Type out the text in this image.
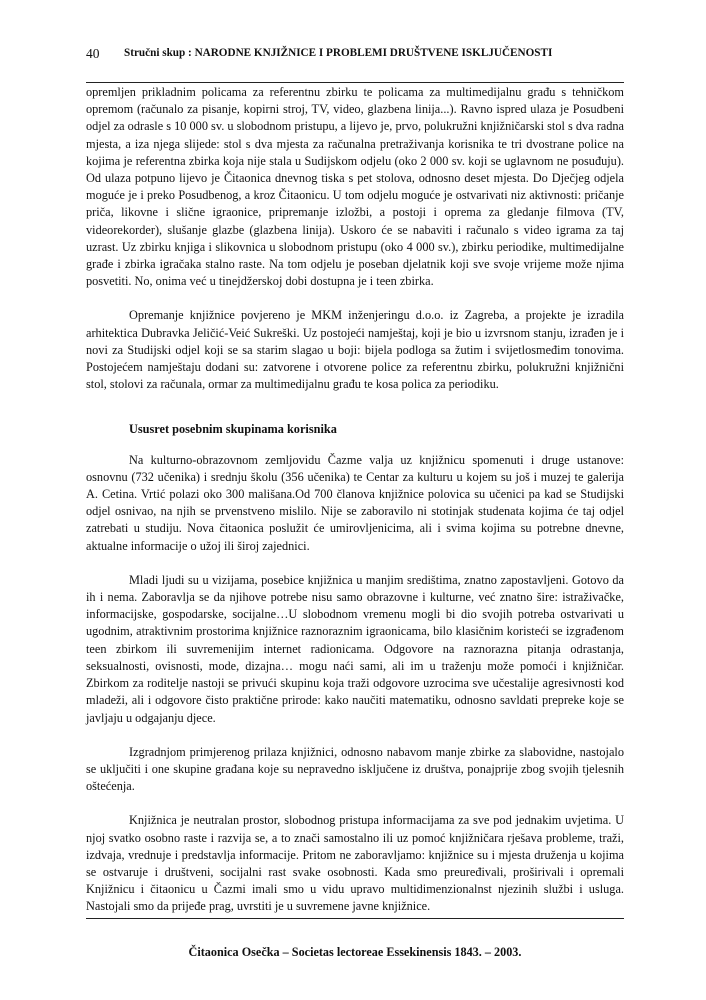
40 Stručni skup : NARODNE KNJIŽNICE I PROBLEMI DRUŠTVENE ISKLJUČENOSTI

opremljen prikladnim policama za referentnu zbirku te policama za multimedijalnu građu s tehničkom opremom (računalo za pisanje, kopirni stroj, TV, video, glazbena linija...). Ravno ispred ulaza je Posudbeni odjel za odrasle s 10 000 sv. u slobodnom pristupu, a lijevo je, prvo, polukružni knjižničarski stol s dva radna mjesta, a iza njega slijede: stol s dva mjesta za računalna pretraživanja korisnika te tri dvostrane police na kojima je referentna zbirka koja nije stala u Sudijskom odjelu (oko 2 000 sv. koji se uglavnom ne posuđuju). Od ulaza potpuno lijevo je Čitaonica dnevnog tiska s pet stolova, odnosno deset mjesta. Do Dječjeg odjela moguće je i preko Posudbenog, a kroz Čitaonicu. U tom odjelu moguće je ostvarivati niz aktivnosti: pričanje priča, likovne i slične igraonice, pripremanje izložbi, a postoji i oprema za gledanje filmova (TV, videorekorder), slušanje glazbe (glazbena linija). Uskoro će se nabaviti i računalo s video igrama za taj uzrast. Uz zbirku knjiga i slikovnica u slobodnom pristupu (oko 4 000 sv.), zbirku periodike, multimedijalne građe i zbirka igračaka stalno raste. Na tom odjelu je poseban djelatnik koji sve svoje vrijeme može njima posvetiti. No, onima već u tinejdžerskoj dobi dostupna je i teen zbirka.

Opremanje knjižnice povjereno je MKM inženjeringu d.o.o. iz Zagreba, a projekte je izradila arhitektica Dubravka Jeličić-Veić Sukreški. Uz postojeći namještaj, koji je bio u izvrsnom stanju, izrađen je i novi za Studijski odjel koji se sa starim slagao u boji: bijela podloga sa žutim i svijetlosmeđim tonovima. Postojećem namještaju dodani su: zatvorene i otvorene police za referentnu zbirku, polukružni knjižnični stol, stolovi za računala, ormar za multimedijalnu građu te kosa polica za periodiku.

Ususret posebnim skupinama korisnika

Na kulturno-obrazovnom zemljovidu Čazme valja uz knjižnicu spomenuti i druge ustanove: osnovnu (732 učenika) i srednju školu (356 učenika) te Centar za kulturu u kojem su još i muzej te galerija A. Cetina. Vrtić polazi oko 300 mališana.Od 700 članova knjižnice polovica su učenici pa kad se Studijski odjel osnivao, na njih se prvenstveno mislilo. Nije se zaboravilo ni stotinjak studenata kojima će taj odjel zatrebati u studiju. Nova čitaonica poslužit će umirovljenicima, ali i svima kojima su potrebne dnevne, aktualne informacije o užoj ili široj zajednici.

Mladi ljudi su u vizijama, posebice knjižnica u manjim središtima, znatno zapostavljeni. Gotovo da ih i nema. Zaboravlja se da njihove potrebe nisu samo obrazovne i kulturne, već znatno šire: istraživačke, informacijske, gospodarske, socijalne…U slobodnom vremenu mogli bi dio svojih potreba ostvarivati u ugodnim, atraktivnim prostorima knjižnice raznoraznim igraonicama, bilo klasičnim koristeći se izgrađenom teen zbirkom ili suvremenijim internet radionicama. Odgovore na raznorazna pitanja odrastanja, seksualnosti, ovisnosti, mode, dizajna… mogu naći sami, ali im u traženju može pomoći i knjižničar. Zbirkom za roditelje nastoji se privući skupinu koja traži odgovore uzrocima sve učestalije agresivnosti kod mladeži, ali i odgovore čisto praktične prirode: kako naučiti matematiku, odnosno savldati prepreke koje se javljaju u odgajanju djece.

Izgradnjom primjerenog prilaza knjižnici, odnosno nabavom manje zbirke za slabovidne, nastojalo se uključiti i one skupine građana koje su nepravedno isključene iz društva, ponajprije zbog svojih tjelesnih oštećenja.

Knjižnica je neutralan prostor, slobodnog pristupa informacijama za sve pod jednakim uvjetima. U njoj svatko osobno raste i razvija se, a to znači samostalno ili uz pomoć knjižničara rješava probleme, traži, izdvaja, vrednuje i predstavlja informacije. Pritom ne zaboravljamo: knjižnice su i mjesta druženja u kojima se ostvaruje i društveni, socijalni rast svake osobnosti. Kada smo preuređivali, proširivali i opremali Knjižnicu i čitaonicu u Čazmi imali smo u vidu upravo multidimenzionalnst njezinih službi i usluga. Nastojali smo da prijeđe prag, uvrstiti je u suvremene javne knjižnice.

Čitaonica Osečka – Societas lectoreae Essekinensis 1843. – 2003.
